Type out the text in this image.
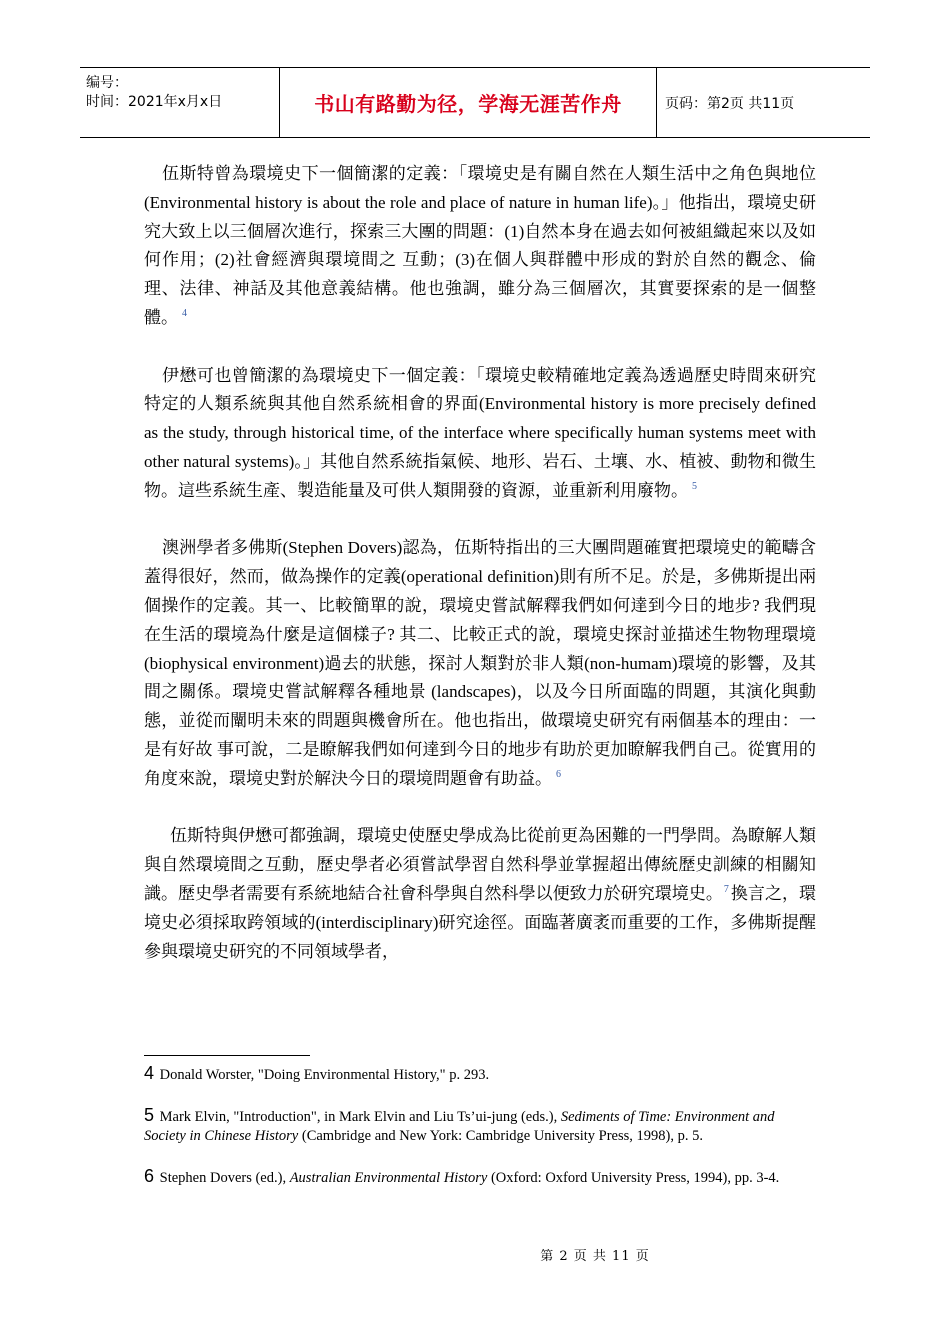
编号：
时间：2021年x月x日	书山有路勤为径，学海无涯苦作舟	页码：第2页 共11页

伍斯特曾為環境史下一個簡潔的定義：「環境史是有關自然在人類生活中之角色與地位(Environmental history is about the role and place of nature in human life)。」他指出，環境史研究大致上以三個層次進行，探索三大團的問題：(1)自然本身在過去如何被組織起來以及如何作用；(2)社會經濟與環境間之 互動；(3)在個人與群體中形成的對於自然的觀念、倫理、法律、神話及其他意義結構。他也強調，雖分為三個層次，其實要探索的是一個整體。 $^4$

伊懋可也曾簡潔的為環境史下一個定義：「環境史較精確地定義為透過歷史時間來研究特定的人類系統與其他自然系統相會的界面(Environmental history is more precisely defined as the study, through historical time, of the interface where specifically human systems meet with other natural systems)。」其他自然系統指氣候、地形、岩石、土壤、水、植被、動物和微生物。這些系統生產、製造能量及可供人類開發的資源，並重新利用廢物。 $^5$

澳洲學者多佛斯(Stephen Dovers)認為，伍斯特指出的三大團問題確實把環境史的範疇含蓋得很好，然而，做為操作的定義(operational definition)則有所不足。於是，多佛斯提出兩個操作的定義。其一、比較簡單的說，環境史嘗試解釋我們如何達到今日的地步? 我們現在生活的環境為什麼是這個樣子? 其二、比較正式的說，環境史探討並描述生物物理環境(biophysical environment)過去的狀態，探討人類對於非人類(non-humam)環境的影響，及其間之關係。環境史嘗試解釋各種地景 (landscapes)，以及今日所面臨的問題，其演化與動態，並從而闡明未來的問題與機會所在。他也指出，做環境史研究有兩個基本的理由：一是有好故 事可說，二是瞭解我們如何達到今日的地步有助於更加瞭解我們自己。從實用的角度來說，環境史對於解決今日的環境問題會有助益。 $^6$

伍斯特與伊懋可都強調，環境史使歷史學成為比從前更為困難的一門學問。為瞭解人類與自然環境間之互動，歷史學者必須嘗試學習自然科學並掌握超出傳統歷史訓練的相關知識。歷史學者需要有系統地結合社會科學與自然科學以便致力於研究環境史。$^7$ 換言之，環境史必須採取跨領域的(interdisciplinary)研究途徑。面臨著廣袤而重要的工作，多佛斯提醒參與環境史研究的不同領域學者，

4 Donald Worster, "Doing Environmental History," p. 293.
5 Mark Elvin, "Introduction", in Mark Elvin and Liu Ts’ui-jung (eds.), Sediments of Time: Environment and Society in Chinese History (Cambridge and New York: Cambridge University Press, 1998), p. 5.
6 Stephen Dovers (ed.), Australian Environmental History (Oxford: Oxford University Press, 1994), pp. 3-4.
第 2 页 共 11 页
